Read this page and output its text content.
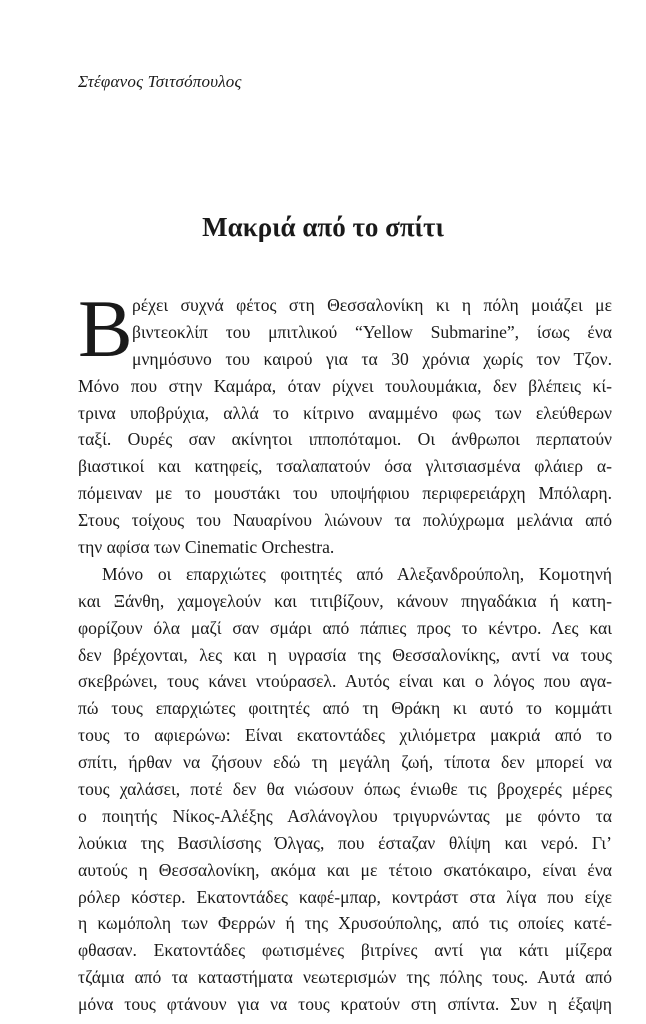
Στέφανος Τσιτσόπουλος
Μακριά από το σπίτι
Β ρέχει συχνά φέτος στη Θεσσαλονίκη κι η πόλη μοιάζει με
βιντεοκλίπ του μπιτλικού “Yellow Submarine”, ίσως ένα
μνημόσυνο του καιρού για τα 30 χρόνια χωρίς τον Τζον.
Μόνο που στην Καμάρα, όταν ρίχνει τουλουμάκια, δεν βλέπεις κί-
τρινα υποβρύχια, αλλά το κίτρινο αναμμένο φως των ελεύθερων
ταξί. Ουρές σαν ακίνητοι ιπποπόταμοι. Οι άνθρωποι περπατούν
βιαστικοί και κατηφείς, τσαλαπατούν όσα γλιτσιασμένα φλάιερ α-
πόμειναν με το μουστάκι του υποψήφιου περιφερειάρχη Μπόλαρη.
Στους τοίχους του Ναυαρίνου λιώνουν τα πολύχρωμα μελάνια από
την αφίσα των Cinematic Orchestra.
Μόνο οι επαρχιώτες φοιτητές από Αλεξανδρούπολη, Κομοτηνή
και Ξάνθη, χαμογελούν και τιτιβίζουν, κάνουν πηγαδάκια ή κατη-
φορίζουν όλα μαζί σαν σμάρι από πάπιες προς το κέντρο. Λες και
δεν βρέχονται, λες και η υγρασία της Θεσσαλονίκης, αντί να τους
σκεβρώνει, τους κάνει ντούρασελ. Αυτός είναι και ο λόγος που αγα-
πώ τους επαρχιώτες φοιτητές από τη Θράκη κι αυτό το κομμάτι
τους το αφιερώνω: Είναι εκατοντάδες χιλιόμετρα μακριά από το
σπίτι, ήρθαν να ζήσουν εδώ τη μεγάλη ζωή, τίποτα δεν μπορεί να
τους χαλάσει, ποτέ δεν θα νιώσουν όπως ένιωθε τις βροχερές μέρες
ο ποιητής Νίκος-Αλέξης Ασλάνογλου τριγυρνώντας με φόντο τα
λούκια της Βασιλίσσης Όλγας, που έσταζαν θλίψη και νερό. Γι’
αυτούς η Θεσσαλονίκη, ακόμα και με τέτοιο σκατόκαιρο, είναι ένα
ρόλερ κόστερ. Εκατοντάδες καφέ-μπαρ, κοντράστ στα λίγα που είχε
η κωμόπολη των Φερρών ή της Χρυσούπολης, από τις οποίες κατέ-
φθασαν. Εκατοντάδες φωτισμένες βιτρίνες αντί για κάτι μίζερα
τζάμια από τα καταστήματα νεωτερισμών της πόλης τους. Αυτά από
μόνα τους φτάνουν για να τους κρατούν στη σπίντα. Συν η έξαψη
